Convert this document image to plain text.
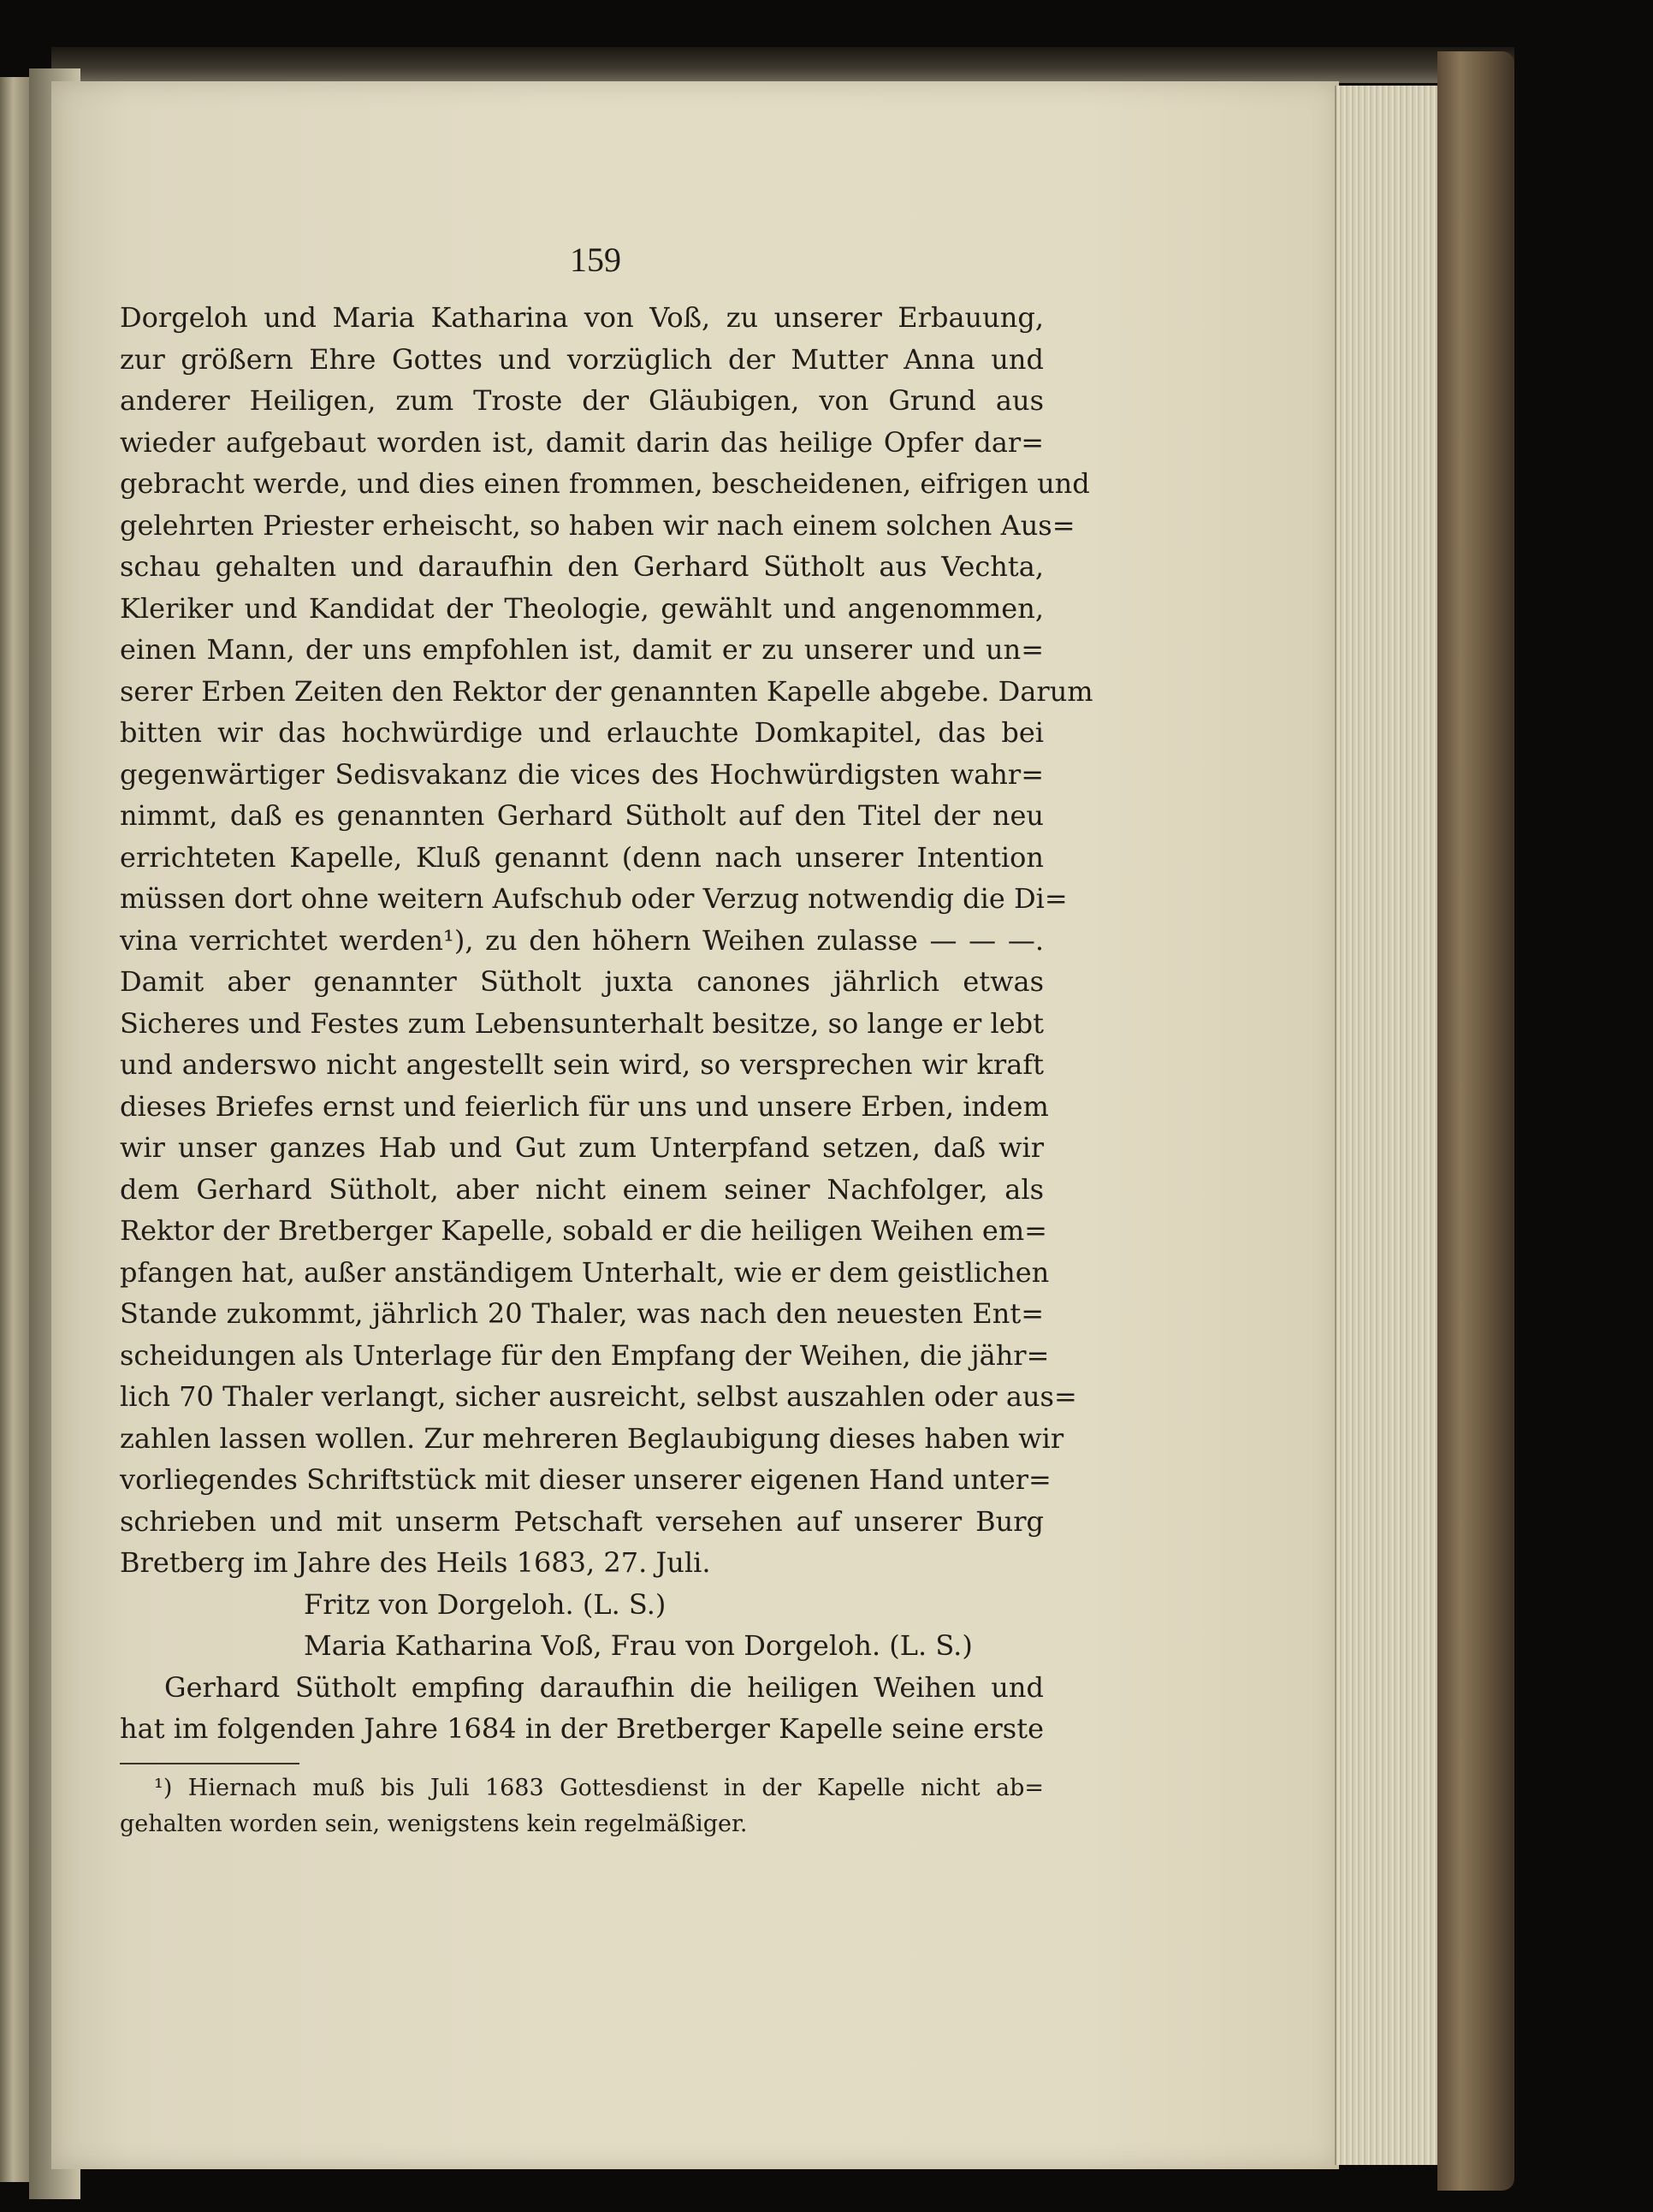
159
Dorgeloh und Maria Katharina von Voß, zu unserer Erbauung,
zur größern Ehre Gottes und vorzüglich der Mutter Anna und
anderer Heiligen, zum Troste der Gläubigen, von Grund aus
wieder aufgebaut worden ist, damit darin das heilige Opfer dar=
gebracht werde, und dies einen frommen, bescheidenen, eifrigen und
gelehrten Priester erheischt, so haben wir nach einem solchen Aus=
schau gehalten und daraufhin den Gerhard Sütholt aus Vechta,
Kleriker und Kandidat der Theologie, gewählt und angenommen,
einen Mann, der uns empfohlen ist, damit er zu unserer und un=
serer Erben Zeiten den Rektor der genannten Kapelle abgebe. Darum
bitten wir das hochwürdige und erlauchte Domkapitel, das bei
gegenwärtiger Sedisvakanz die vices des Hochwürdigsten wahr=
nimmt, daß es genannten Gerhard Sütholt auf den Titel der neu
errichteten Kapelle, Kluß genannt (denn nach unserer Intention
müssen dort ohne weitern Aufschub oder Verzug notwendig die Di=
vina verrichtet werden¹), zu den höhern Weihen zulasse — — —.
Damit aber genannter Sütholt juxta canones jährlich etwas
Sicheres und Festes zum Lebensunterhalt besitze, so lange er lebt
und anderswo nicht angestellt sein wird, so versprechen wir kraft
dieses Briefes ernst und feierlich für uns und unsere Erben, indem
wir unser ganzes Hab und Gut zum Unterpfand setzen, daß wir
dem Gerhard Sütholt, aber nicht einem seiner Nachfolger, als
Rektor der Bretberger Kapelle, sobald er die heiligen Weihen em=
pfangen hat, außer anständigem Unterhalt, wie er dem geistlichen
Stande zukommt, jährlich 20 Thaler, was nach den neuesten Ent=
scheidungen als Unterlage für den Empfang der Weihen, die jähr=
lich 70 Thaler verlangt, sicher ausreicht, selbst auszahlen oder aus=
zahlen lassen wollen. Zur mehreren Beglaubigung dieses haben wir
vorliegendes Schriftstück mit dieser unserer eigenen Hand unter=
schrieben und mit unserm Petschaft versehen auf unserer Burg
Bretberg im Jahre des Heils 1683, 27. Juli.
Fritz von Dorgeloh. (L. S.)
Maria Katharina Voß, Frau von Dorgeloh. (L. S.)
Gerhard Sütholt empfing daraufhin die heiligen Weihen und
hat im folgenden Jahre 1684 in der Bretberger Kapelle seine erste
¹) Hiernach muß bis Juli 1683 Gottesdienst in der Kapelle nicht ab=
gehalten worden sein, wenigstens kein regelmäßiger.
